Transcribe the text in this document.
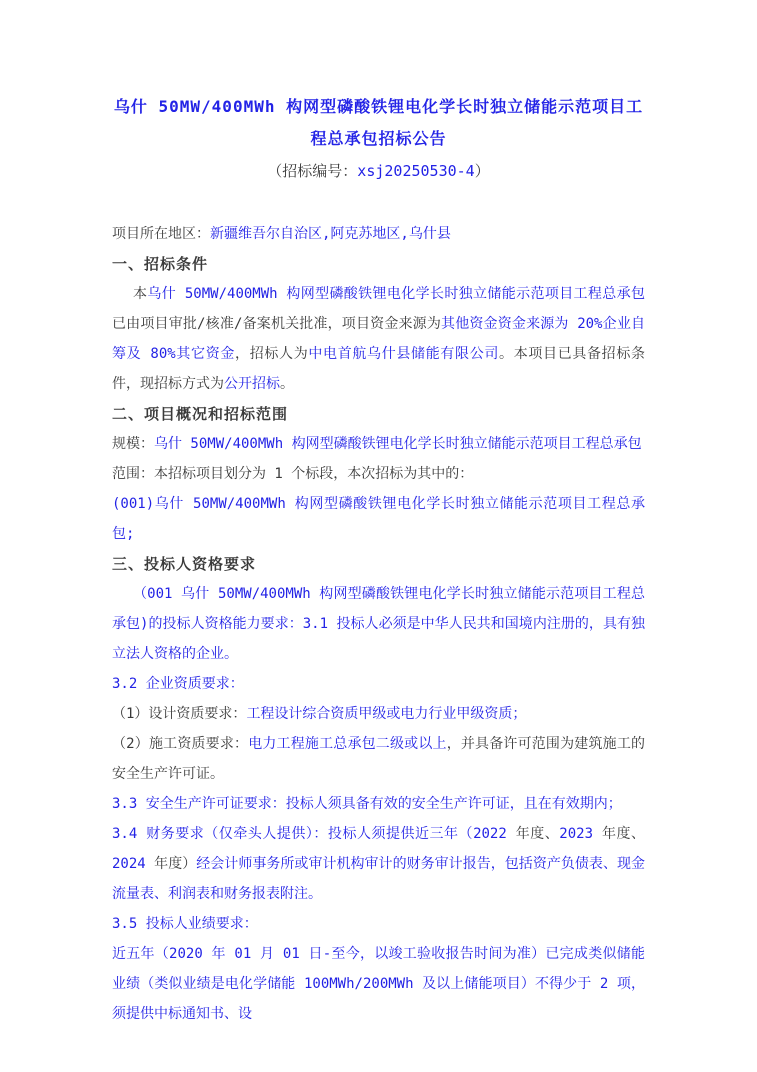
乌什 50MW/400MWh 构网型磷酸铁锂电化学长时独立储能示范项目工程总承包招标公告

（招标编号：xsj20250530-4）

项目所在地区：新疆维吾尔自治区,阿克苏地区,乌什县

一、招标条件

本乌什 50MW/400MWh 构网型磷酸铁锂电化学长时独立储能示范项目工程总承包已由项目审批/核准/备案机关批准，项目资金来源为其他资金资金来源为 20%企业自筹及 80%其它资金，招标人为中电首航乌什县储能有限公司。本项目已具备招标条件，现招标方式为公开招标。

二、项目概况和招标范围

规模：乌什 50MW/400MWh 构网型磷酸铁锂电化学长时独立储能示范项目工程总承包

范围：本招标项目划分为 1 个标段，本次招标为其中的：

(001)乌什 50MW/400MWh 构网型磷酸铁锂电化学长时独立储能示范项目工程总承包;

三、投标人资格要求

（001 乌什 50MW/400MWh 构网型磷酸铁锂电化学长时独立储能示范项目工程总承包)的投标人资格能力要求：3.1 投标人必须是中华人民共和国境内注册的，具有独立法人资格的企业。

3.2 企业资质要求：

（1）设计资质要求：工程设计综合资质甲级或电力行业甲级资质；

（2）施工资质要求：电力工程施工总承包二级或以上，并具备许可范围为建筑施工的安全生产许可证。

3.3 安全生产许可证要求：投标人须具备有效的安全生产许可证，且在有效期内；

3.4 财务要求（仅牵头人提供）：投标人须提供近三年（2022 年度、2023 年度、2024 年度）经会计师事务所或审计机构审计的财务审计报告，包括资产负债表、现金流量表、利润表和财务报表附注。

3.5 投标人业绩要求：

近五年（2020 年 01 月 01 日-至今，以竣工验收报告时间为准）已完成类似储能业绩（类似业绩是电化学储能 100MWh/200MWh 及以上储能项目）不得少于 2 项，须提供中标通知书、设
